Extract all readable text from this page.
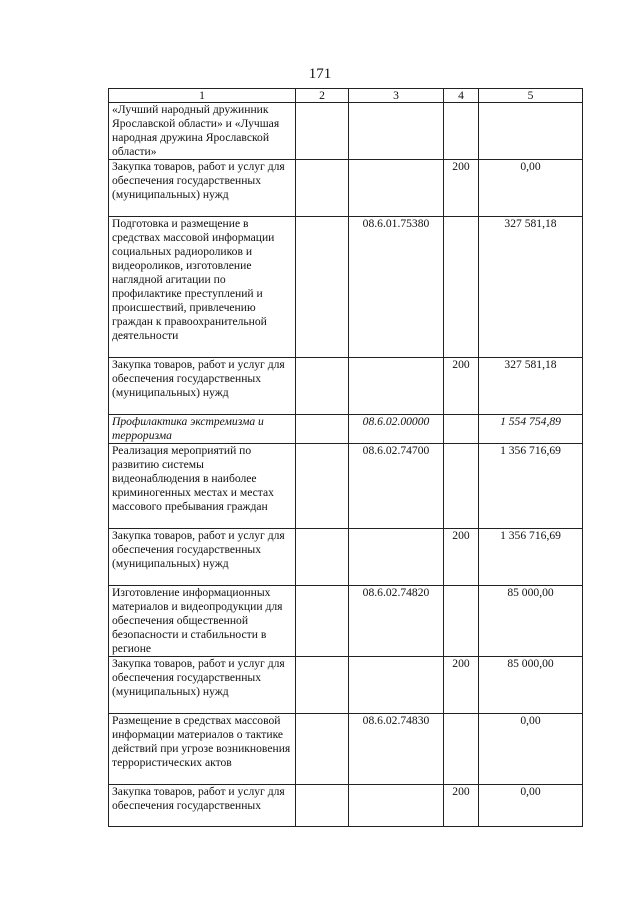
171
1	2	3	4	5

«Лучший народный дружинник Ярославской области» и «Лучшая народная дружина Ярославской области»				

Закупка товаров, работ и услуг для обеспечения государственных (муниципальных) нужд			200	0,00

Подготовка и размещение в средствах массовой информации социальных радиороликов и видеороликов, изготовление наглядной агитации по профилактике преступлений и происшествий, привлечению граждан к правоохранительной деятельности		08.6.01.75380		327 581,18

Закупка товаров, работ и услуг для обеспечения государственных (муниципальных) нужд			200	327 581,18

Профилактика экстремизма и терроризма		08.6.02.00000		1 554 754,89

Реализация мероприятий по развитию системы видеонаблюдения в наиболее криминогенных местах и местах массового пребывания граждан		08.6.02.74700		1 356 716,69

Закупка товаров, работ и услуг для обеспечения государственных (муниципальных) нужд			200	1 356 716,69

Изготовление информационных материалов и видеопродукции для обеспечения общественной безопасности и стабильности в регионе		08.6.02.74820		85 000,00

Закупка товаров, работ и услуг для обеспечения государственных (муниципальных) нужд			200	85 000,00

Размещение в средствах массовой информации материалов о тактике действий при угрозе возникновения террористических актов		08.6.02.74830		0,00

Закупка товаров, работ и услуг для обеспечения государственных			200	0,00
